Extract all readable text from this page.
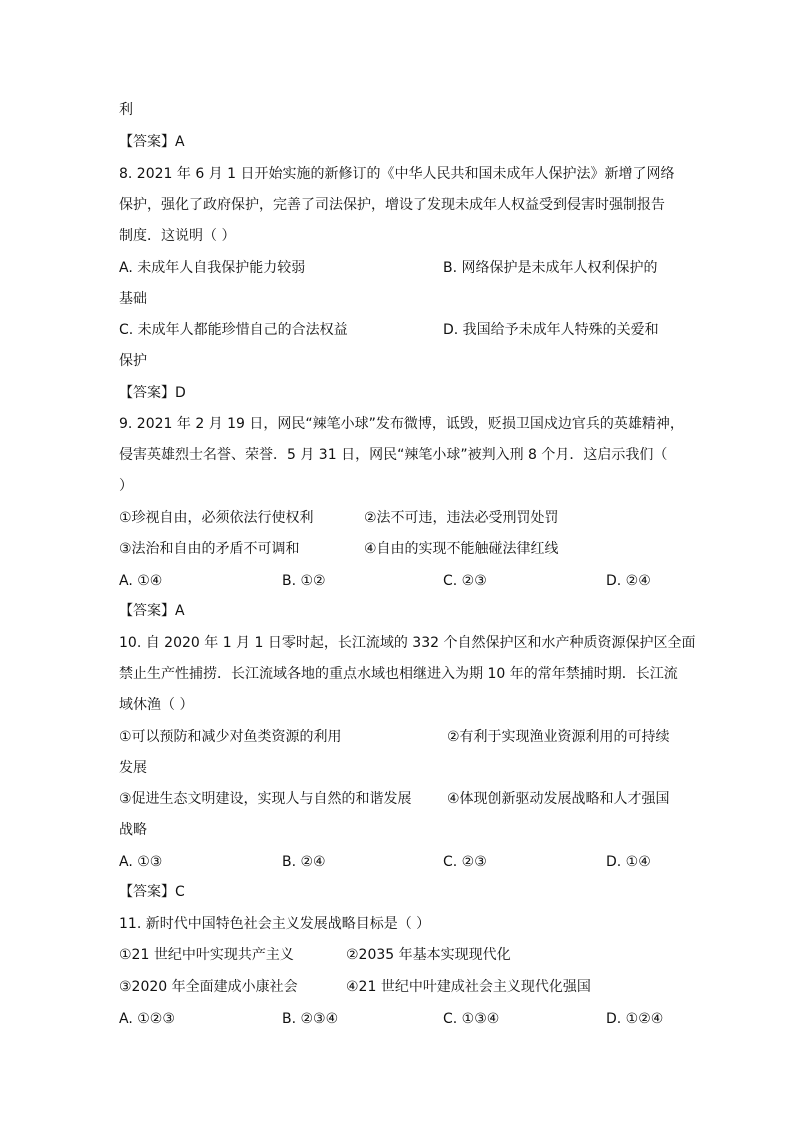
利
【答案】A
8. 2021 年 6 月 1 日开始实施的新修订的《中华人民共和国未成年人保护法》新增了网络
保护，强化了政府保护，完善了司法保护，增设了发现未成年人权益受到侵害时强制报告
制度．这说明（ ）
A. 未成年人自我保护能力较弱	B. 网络保护是未成年人权利保护的
基础
C. 未成年人都能珍惜自己的合法权益	D. 我国给予未成年人特殊的关爱和
保护
【答案】D
9. 2021 年 2 月 19 日，网民“辣笔小球”发布微博，诋毁，贬损卫国戍边官兵的英雄精神，
侵害英雄烈士名誉、荣誉．5 月 31 日，网民“辣笔小球”被判入刑 8 个月．这启示我们（
）
①珍视自由，必须依法行使权利	②法不可违，违法必受刑罚处罚
③法治和自由的矛盾不可调和	④自由的实现不能触碰法律红线
A. ①④	B. ①②	C. ②③	D. ②④
【答案】A
10. 自 2020 年 1 月 1 日零时起，长江流域的 332 个自然保护区和水产种质资源保护区全面
禁止生产性捕捞．长江流域各地的重点水域也相继进入为期 10 年的常年禁捕时期．长江流
域休渔（ ）
①可以预防和减少对鱼类资源的利用	②有利于实现渔业资源利用的可持续
发展
③促进生态文明建设，实现人与自然的和谐发展	④体现创新驱动发展战略和人才强国
战略
A. ①③	B. ②④	C. ②③	D. ①④
【答案】C
11. 新时代中国特色社会主义发展战略目标是（ ）
①21 世纪中叶实现共产主义	②2035 年基本实现现代化
③2020 年全面建成小康社会	④21 世纪中叶建成社会主义现代化强国
A. ①②③	B. ②③④	C. ①③④	D. ①②④
